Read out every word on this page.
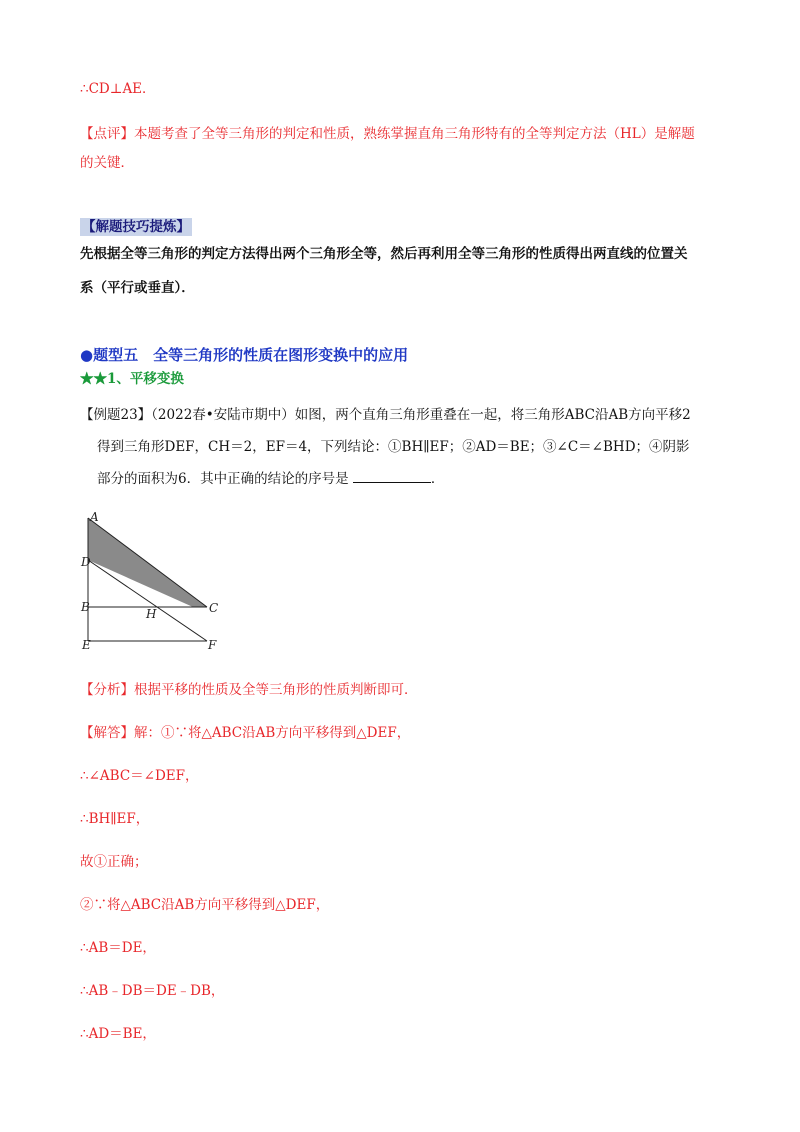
∴CD⊥AE．
【点评】本题考查了全等三角形的判定和性质，熟练掌握直角三角形特有的全等判定方法（HL）是解题
的关键．
【解题技巧提炼】
先根据全等三角形的判定方法得出两个三角形全等，然后再利用全等三角形的性质得出两直线的位置关
系（平行或垂直）．
●题型五　全等三角形的性质在图形变换中的应用
★★1、平移变换
【例题23】（2022春•安陆市期中）如图，两个直角三角形重叠在一起，将三角形ABC沿AB方向平移2
得到三角形DEF，CH＝2，EF＝4，下列结论：①BH∥EF；②AD＝BE；③∠C＝∠BHD；④阴影
部分的面积为6．其中正确的结论的序号是	．
A
D
B	H	C
E	F
【分析】根据平移的性质及全等三角形的性质判断即可．
【解答】解：①∵将△ABC沿AB方向平移得到△DEF，
∴∠ABC＝∠DEF，
∴BH∥EF，
故①正确；
②∵将△ABC沿AB方向平移得到△DEF，
∴AB＝DE，
∴AB﹣DB＝DE﹣DB，
∴AD＝BE，
